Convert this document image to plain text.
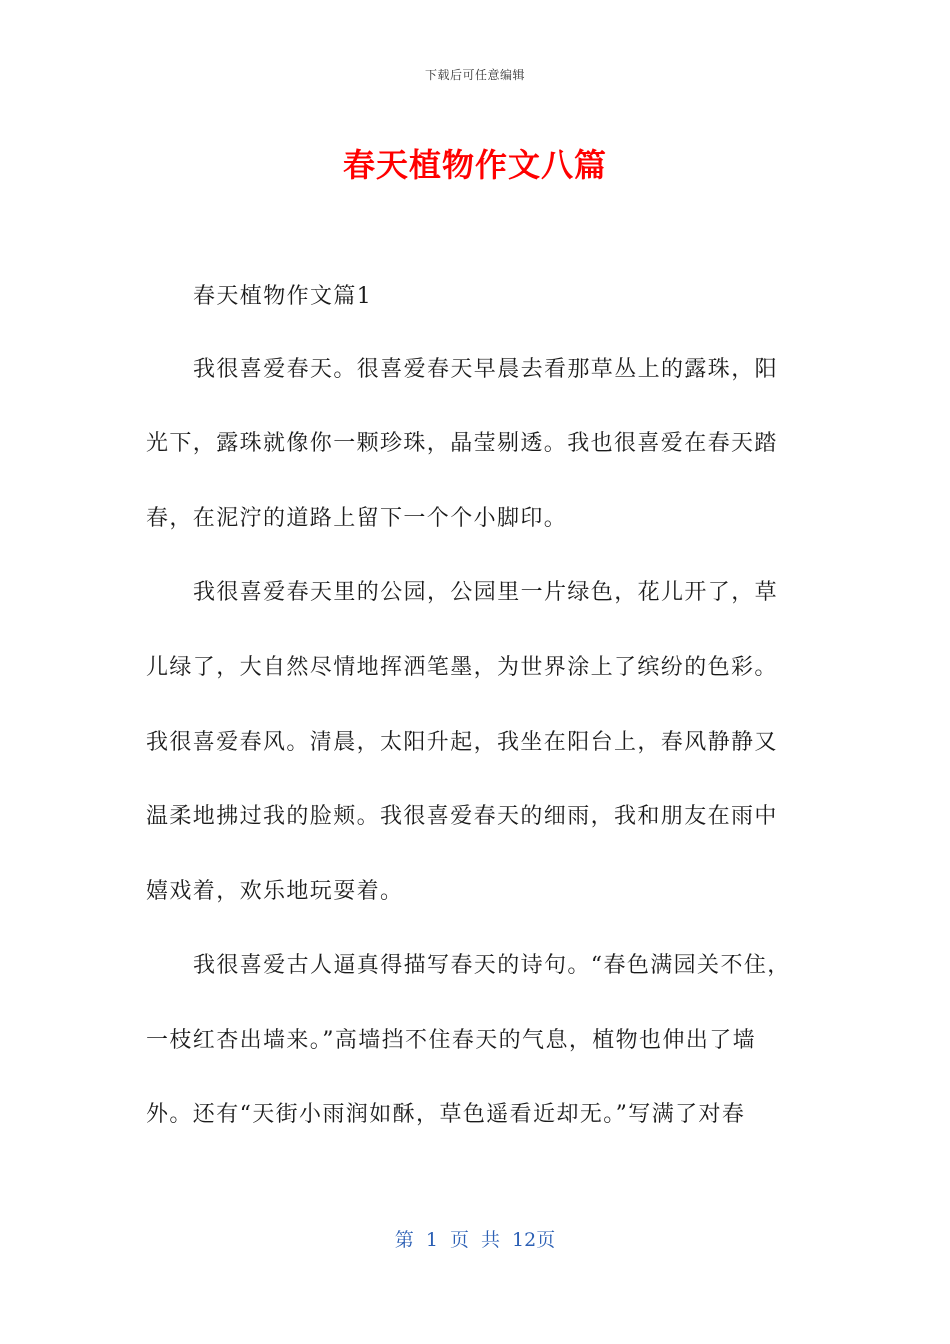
下载后可任意编辑
春天植物作文八篇
春天植物作文篇1
我很喜爱春天。很喜爱春天早晨去看那草丛上的露珠，阳
光下，露珠就像你一颗珍珠，晶莹剔透。我也很喜爱在春天踏
春，在泥泞的道路上留下一个个小脚印。
我很喜爱春天里的公园，公园里一片绿色，花儿开了，草
儿绿了，大自然尽情地挥洒笔墨，为世界涂上了缤纷的色彩。
我很喜爱春风。清晨，太阳升起，我坐在阳台上，春风静静又
温柔地拂过我的脸颊。我很喜爱春天的细雨，我和朋友在雨中
嬉戏着，欢乐地玩耍着。
我很喜爱古人逼真得描写春天的诗句。“春色满园关不住，
一枝红杏出墙来。”高墙挡不住春天的气息，植物也伸出了墙
外。还有“天街小雨润如酥，草色遥看近却无。”写满了对春
第 1 页 共 12页
